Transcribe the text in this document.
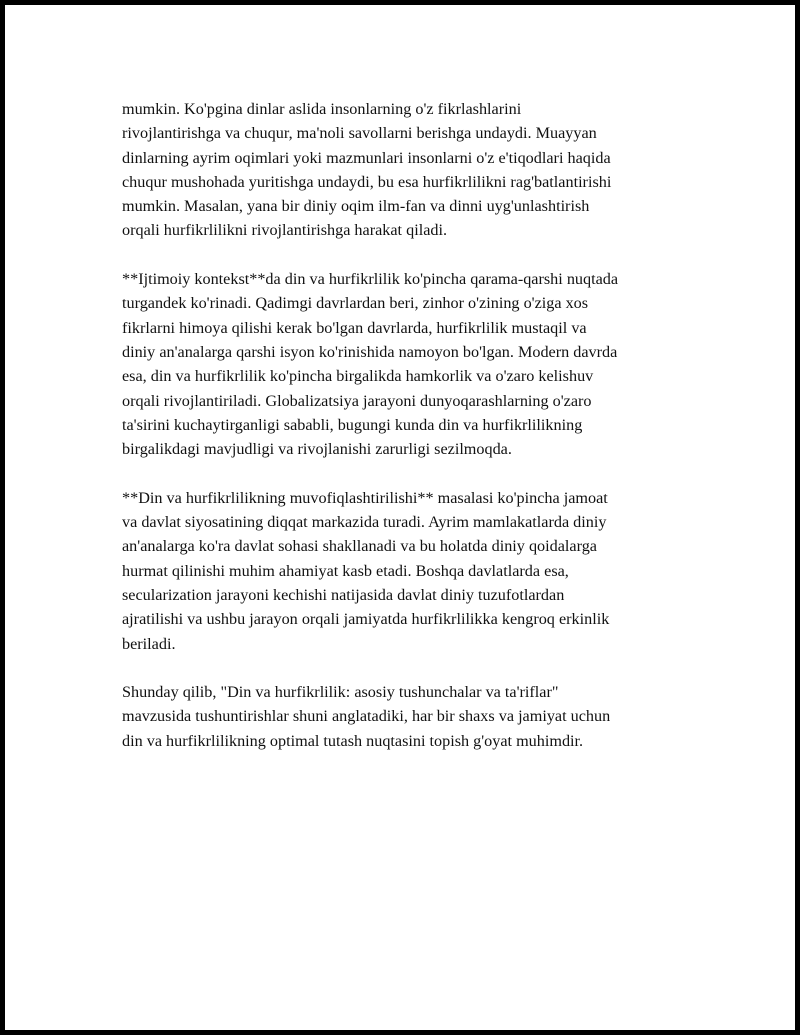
mumkin. Ko'pgina dinlar aslida insonlarning o'z fikrlashlarini
rivojlantirishga va chuqur, ma'noli savollarni berishga undaydi. Muayyan
dinlarning ayrim oqimlari yoki mazmunlari insonlarni o'z e'tiqodlari haqida
chuqur mushohada yuritishga undaydi, bu esa hurfikrlilikni rag'batlantirishi
mumkin. Masalan, yana bir diniy oqim ilm-fan va dinni uyg'unlashtirish
orqali hurfikrlilikni rivojlantirishga harakat qiladi.

**Ijtimoiy kontekst**da din va hurfikrlilik ko'pincha qarama-qarshi nuqtada
turgandek ko'rinadi. Qadimgi davrlardan beri, zinhor o'zining o'ziga xos
fikrlarni himoya qilishi kerak bo'lgan davrlarda, hurfikrlilik mustaqil va
diniy an'analarga qarshi isyon ko'rinishida namoyon bo'lgan. Modern davrda
esa, din va hurfikrlilik ko'pincha birgalikda hamkorlik va o'zaro kelishuv
orqali rivojlantiriladi. Globalizatsiya jarayoni dunyoqarashlarning o'zaro
ta'sirini kuchaytirganligi sababli, bugungi kunda din va hurfikrlilikning
birgalikdagi mavjudligi va rivojlanishi zarurligi sezilmoqda.

**Din va hurfikrlilikning muvofiqlashtirilishi** masalasi ko'pincha jamoat
va davlat siyosatining diqqat markazida turadi. Ayrim mamlakatlarda diniy
an'analarga ko'ra davlat sohasi shakllanadi va bu holatda diniy qoidalarga
hurmat qilinishi muhim ahamiyat kasb etadi. Boshqa davlatlarda esa,
secularization jarayoni kechishi natijasida davlat diniy tuzufotlardan
ajratilishi va ushbu jarayon orqali jamiyatda hurfikrlilikka kengroq erkinlik
beriladi.

Shunday qilib, "Din va hurfikrlilik: asosiy tushunchalar va ta'riflar"
mavzusida tushuntirishlar shuni anglatadiki, har bir shaxs va jamiyat uchun
din va hurfikrlilikning optimal tutash nuqtasini topish g'oyat muhimdir.
